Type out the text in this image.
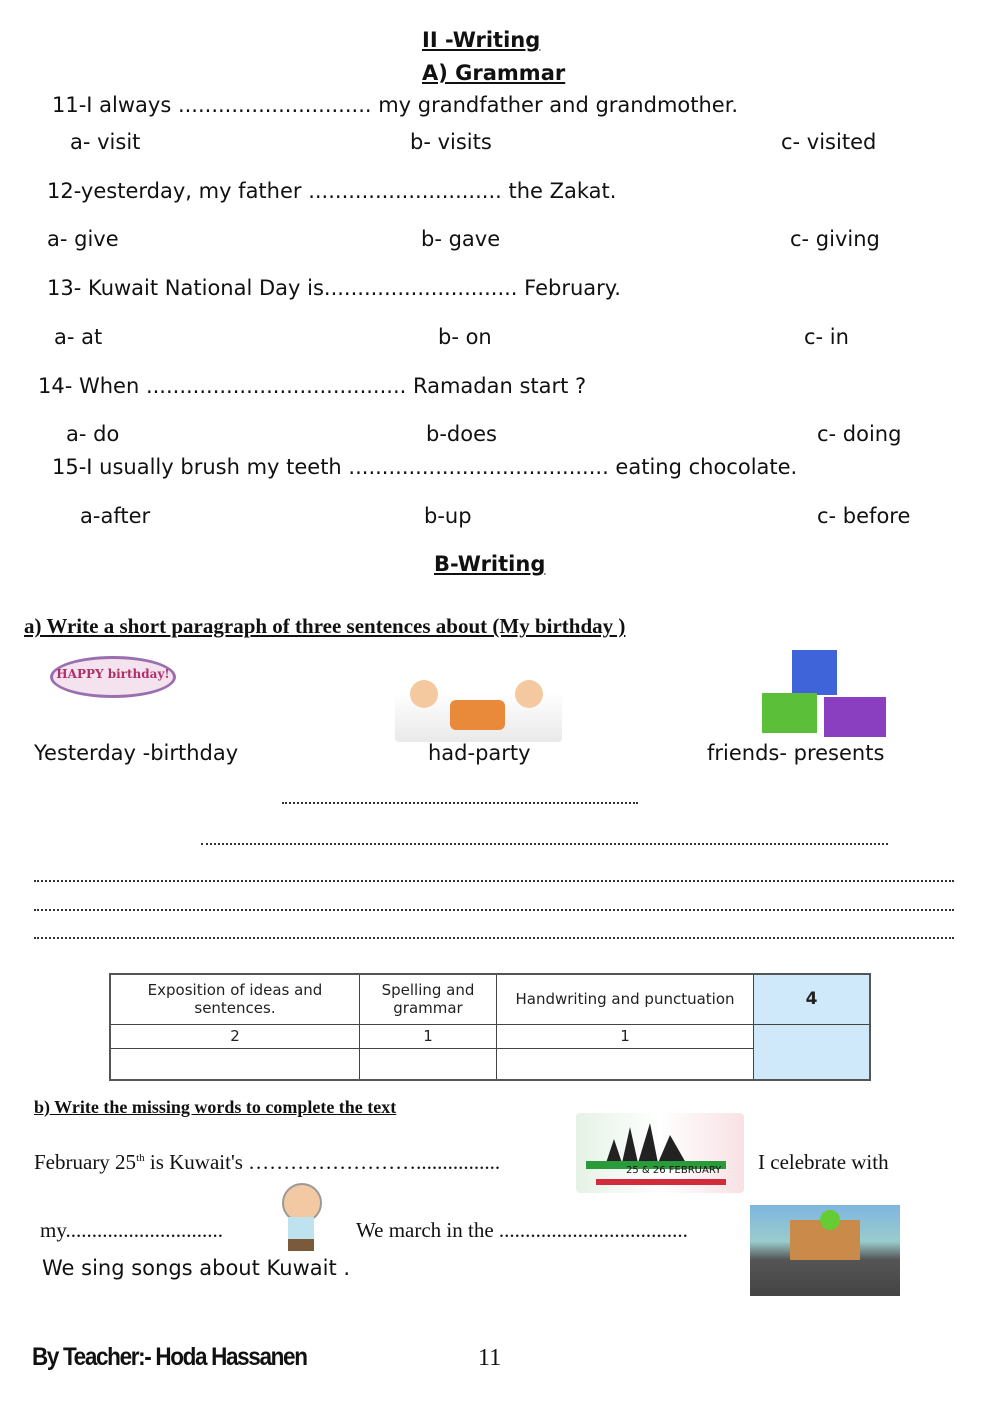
II -Writing
A) Grammar
11-I always ............................. my grandfather and grandmother.
a- visit	b- visits	c- visited
12-yesterday, my father ............................. the Zakat.
a- give	b- gave	c- giving
13- Kuwait National Day is............................. February.
a- at	b- on	c- in
14- When ....................................... Ramadan start ?
a- do	b-does	c- doing
15-I usually brush my teeth ....................................... eating chocolate.
a-after	b-up	c- before
B-Writing
a) Write a short paragraph of three sentences about (My birthday )
HAPPY birthday!
Yesterday -birthday	had-party	friends- presents
Exposition of ideas and sentences.	Spelling and grammar	Handwriting and punctuation	4
2	1	1	

b) Write the missing words to complete the text
February 25th is Kuwait's ……………………................	25 & 26 FEBRUARY I celebrate with
my..............................	We march in the ....................................
We sing songs about Kuwait .
By Teacher:- Hoda Hassanen	11
